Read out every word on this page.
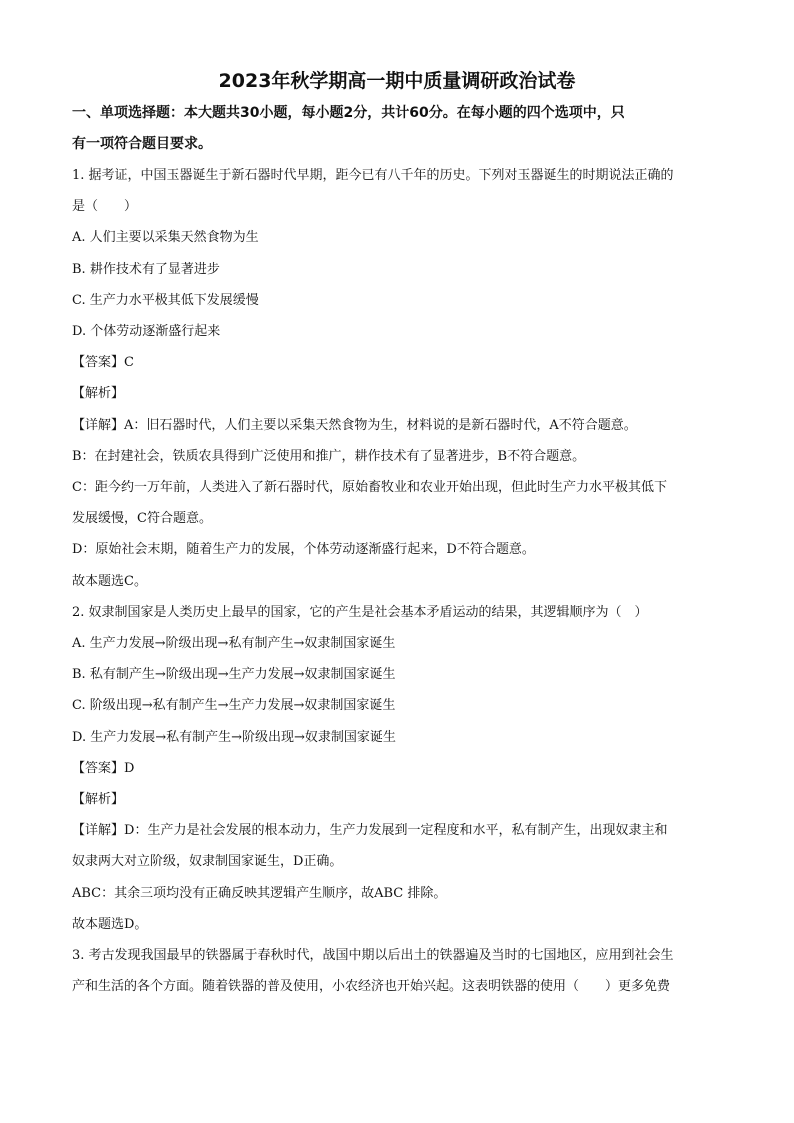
2023年秋学期高一期中质量调研政治试卷

一、单项选择题：本大题共30小题，每小题2分，共计60分。在每小题的四个选项中，只

有一项符合题目要求。

1. 据考证，中国玉器诞生于新石器时代早期，距今已有八千年的历史。下列对玉器诞生的时期说法正确的

是（　　）

A. 人们主要以采集天然食物为生

B. 耕作技术有了显著进步

C. 生产力水平极其低下发展缓慢

D. 个体劳动逐渐盛行起来

【答案】C

【解析】

【详解】A：旧石器时代，人们主要以采集天然食物为生，材料说的是新石器时代，A不符合题意。

B：在封建社会，铁质农具得到广泛使用和推广，耕作技术有了显著进步，B不符合题意。

C：距今约一万年前，人类进入了新石器时代，原始畜牧业和农业开始出现，但此时生产力水平极其低下

发展缓慢，C符合题意。

D：原始社会末期，随着生产力的发展，个体劳动逐渐盛行起来，D不符合题意。

故本题选C。

2. 奴隶制国家是人类历史上最早的国家，它的产生是社会基本矛盾运动的结果，其逻辑顺序为（　）

A. 生产力发展→阶级出现→私有制产生→奴隶制国家诞生

B. 私有制产生→阶级出现→生产力发展→奴隶制国家诞生

C. 阶级出现→私有制产生→生产力发展→奴隶制国家诞生

D. 生产力发展→私有制产生→阶级出现→奴隶制国家诞生

【答案】D

【解析】

【详解】D：生产力是社会发展的根本动力，生产力发展到一定程度和水平，私有制产生，出现奴隶主和

奴隶两大对立阶级，奴隶制国家诞生，D正确。

ABC：其余三项均没有正确反映其逻辑产生顺序，故ABC 排除。

故本题选D。

3. 考古发现我国最早的铁器属于春秋时代，战国中期以后出土的铁器遍及当时的七国地区，应用到社会生

产和生活的各个方面。随着铁器的普及使用，小农经济也开始兴起。这表明铁器的使用（　　）更多免费
